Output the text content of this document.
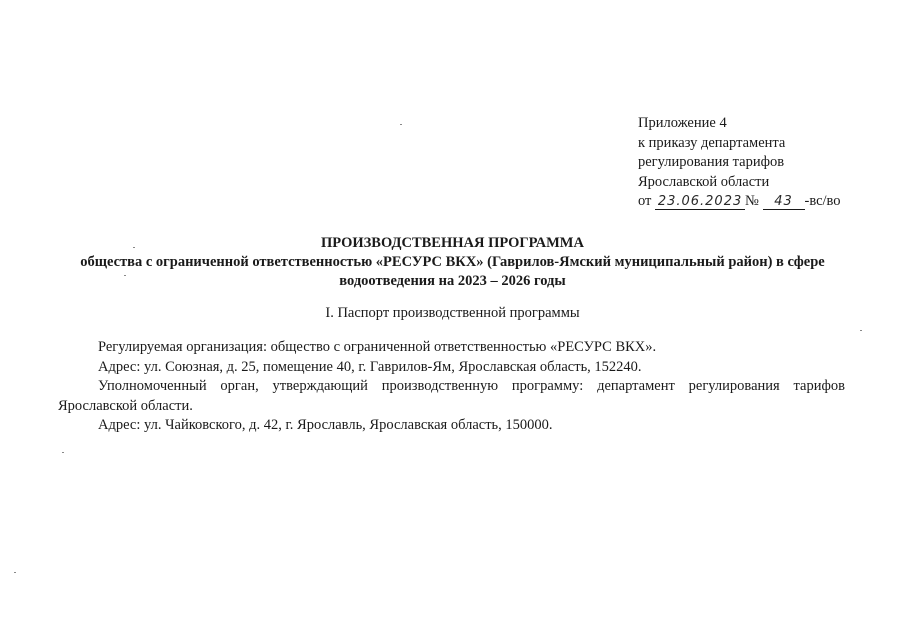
Приложение 4
к приказу департамента
регулирования тарифов
Ярославской области
от 23.06.2023 № 43 -вс/во
ПРОИЗВОДСТВЕННАЯ ПРОГРАММА
общества с ограниченной ответственностью «РЕСУРС ВКХ» (Гаврилов-Ямский муниципальный район) в сфере
водоотведения на 2023 – 2026 годы
I. Паспорт производственной программы

Регулируемая организация: общество с ограниченной ответственностью «РЕСУРС ВКХ».

Адрес: ул. Союзная, д. 25, помещение 40, г. Гаврилов-Ям, Ярославская область, 152240.

Уполномоченный орган, утверждающий производственную программу: департамент регулирования тарифов

Ярославской области.

Адрес: ул. Чайковского, д. 42, г. Ярославль, Ярославская область, 150000.
